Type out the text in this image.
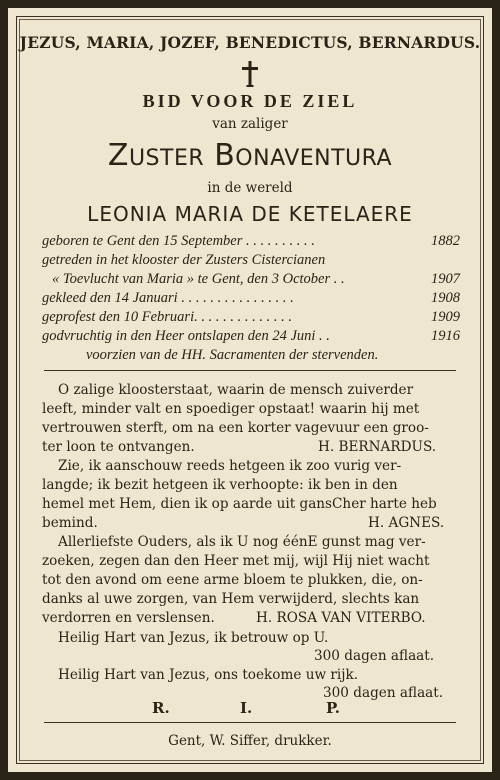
JEZUS, MARIA, JOZEF, BENEDICTUS, BERNARDUS.
BID VOOR DE ZIEL
van zaliger
ZUSTER BONAVENTURA
in de wereld
LEONIA MARIA DE KETELAERE
geboren te Gent den 15 September . . . . . . . . . .	1882
getreden in het klooster der Zusters Cistercianen
« Toevlucht van Maria » te Gent, den 3 October . .	1907
gekleed den 14 Januari . . . . . . . . . . . . . . . .	1908
geprofest den 10 Februari. . . . . . . . . . . . . .	1909
godvruchtig in den Heer ontslapen den 24 Juni . .	1916
voorzien van de HH. Sacramenten der stervenden.
O zalige kloosterstaat, waarin de mensch zuiverder
leeft, minder valt en spoediger opstaat! waarin hij met
vertrouwen sterft, om na een korter vagevuur een groo-
ter loon te ontvangen.	H. BERNARDUS.
Zie, ik aanschouw reeds hetgeen ik zoo vurig ver-
langde; ik bezit hetgeen ik verhoopte: ik ben in den
hemel met Hem, dien ik op aarde uit gansCher harte heb
bemind.	H. AGNES.
Allerliefste Ouders, als ik U nog éénE gunst mag ver-
zoeken, zegen dan den Heer met mij, wijl Hij niet wacht
tot den avond om eene arme bloem te plukken, die, on-
danks al uwe zorgen, van Hem verwijderd, slechts kan
verdorren en verslensen.	H. ROSA VAN VITERBO.
Heilig Hart van Jezus, ik betrouw op U.
300 dagen aflaat.
Heilig Hart van Jezus, ons toekome uw rijk.
300 dagen aflaat.
R.	I.	P.
Gent, W. Siffer, drukker.
